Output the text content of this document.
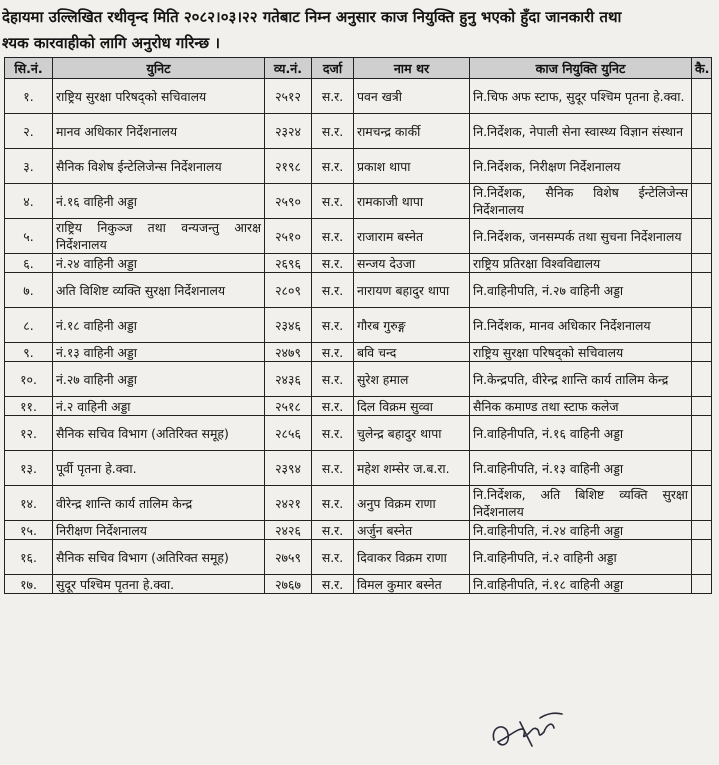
देहायमा उल्लिखित रथीवृन्द मिति २०८२।०३।२२ गतेबाट निम्न अनुसार काज नियुक्ति हुनु भएको हुँदा जानकारी तथा
श्यक कारवाहीको लागि अनुरोध गरिन्छ ।
सि.नं.	युनिट	व्य.नं.	दर्जा	नाम थर	काज नियुक्ति युनिट	कै.
१.	राष्ट्रिय सुरक्षा परिषद्को सचिवालय	२५१२	स.र.	पवन खत्री	नि.चिफ अफ स्टाफ, सुदूर पश्चिम पृतना हे.क्वा.	
२.	मानव अधिकार निर्देशनालय	२३२४	स.र.	रामचन्द्र कार्की	नि.निर्देशक, नेपाली सेना स्वास्थ्य विज्ञान संस्थान	
३.	सैनिक विशेष ईन्टेलिजेन्स निर्देशनालय	२१९८	स.र.	प्रकाश थापा	नि.निर्देशक, निरीक्षण निर्देशनालय	
४.	नं.१६ वाहिनी अड्डा	२५९०	स.र.	रामकाजी थापा	नि.निर्देशक, सैनिक विशेष ईन्टेलिजेन्स निर्देशनालय	
५.	राष्ट्रिय निकुञ्ज तथा वन्यजन्तु आरक्ष निर्देशनालय	२५१०	स.र.	राजाराम बस्नेत	नि.निर्देशक, जनसम्पर्क तथा सुचना निर्देशनालय	
६.	नं.२४ वाहिनी अड्डा	२६९६	स.र.	सन्जय देउजा	राष्ट्रिय प्रतिरक्षा विश्वविद्यालय	
७.	अति विशिष्ट व्यक्ति सुरक्षा निर्देशनालय	२८०९	स.र.	नारायण बहादुर थापा	नि.वाहिनीपति, नं.२७ वाहिनी अड्डा	
८.	नं.१८ वाहिनी अड्डा	२३४६	स.र.	गौरब गुरुङ्ग	नि.निर्देशक, मानव अधिकार निर्देशनालय	
९.	नं.१३ वाहिनी अड्डा	२४७९	स.र.	बवि चन्द	राष्ट्रिय सुरक्षा परिषद्को सचिवालय	
१०.	नं.२७ वाहिनी अड्डा	२४३६	स.र.	सुरेश हमाल	नि.केन्द्रपति, वीरेन्द्र शान्ति कार्य तालिम केन्द्र	
११.	नं.२ वाहिनी अड्डा	२५१८	स.र.	दिल विक्रम सुव्वा	सैनिक कमाण्ड तथा स्टाफ कलेज	
१२.	सैनिक सचिव विभाग (अतिरिक्त समूह)	२८५६	स.र.	चुलेन्द्र बहादुर थापा	नि.वाहिनीपति, नं.१६ वाहिनी अड्डा	
१३.	पूर्वी पृतना हे.क्वा.	२३९४	स.र.	महेश शम्सेर ज.ब.रा.	नि.वाहिनीपति, नं.१३ वाहिनी अड्डा	
१४.	वीरेन्द्र शान्ति कार्य तालिम केन्द्र	२४२१	स.र.	अनुप विक्रम राणा	नि.निर्देशक, अति बिशिष्ट व्यक्ति सुरक्षा निर्देशनालय	
१५.	निरीक्षण निर्देशनालय	२४२६	स.र.	अर्जुन बस्नेत	नि.वाहिनीपति, नं.२४ वाहिनी अड्डा	
१६.	सैनिक सचिव विभाग (अतिरिक्त समूह)	२७५९	स.र.	दिवाकर विक्रम राणा	नि.वाहिनीपति, नं.२ वाहिनी अड्डा	
१७.	सुदूर पश्चिम पृतना हे.क्वा.	२७६७	स.र.	विमल कुमार बस्नेत	नि.वाहिनीपति, नं.१८ वाहिनी अड्डा	
